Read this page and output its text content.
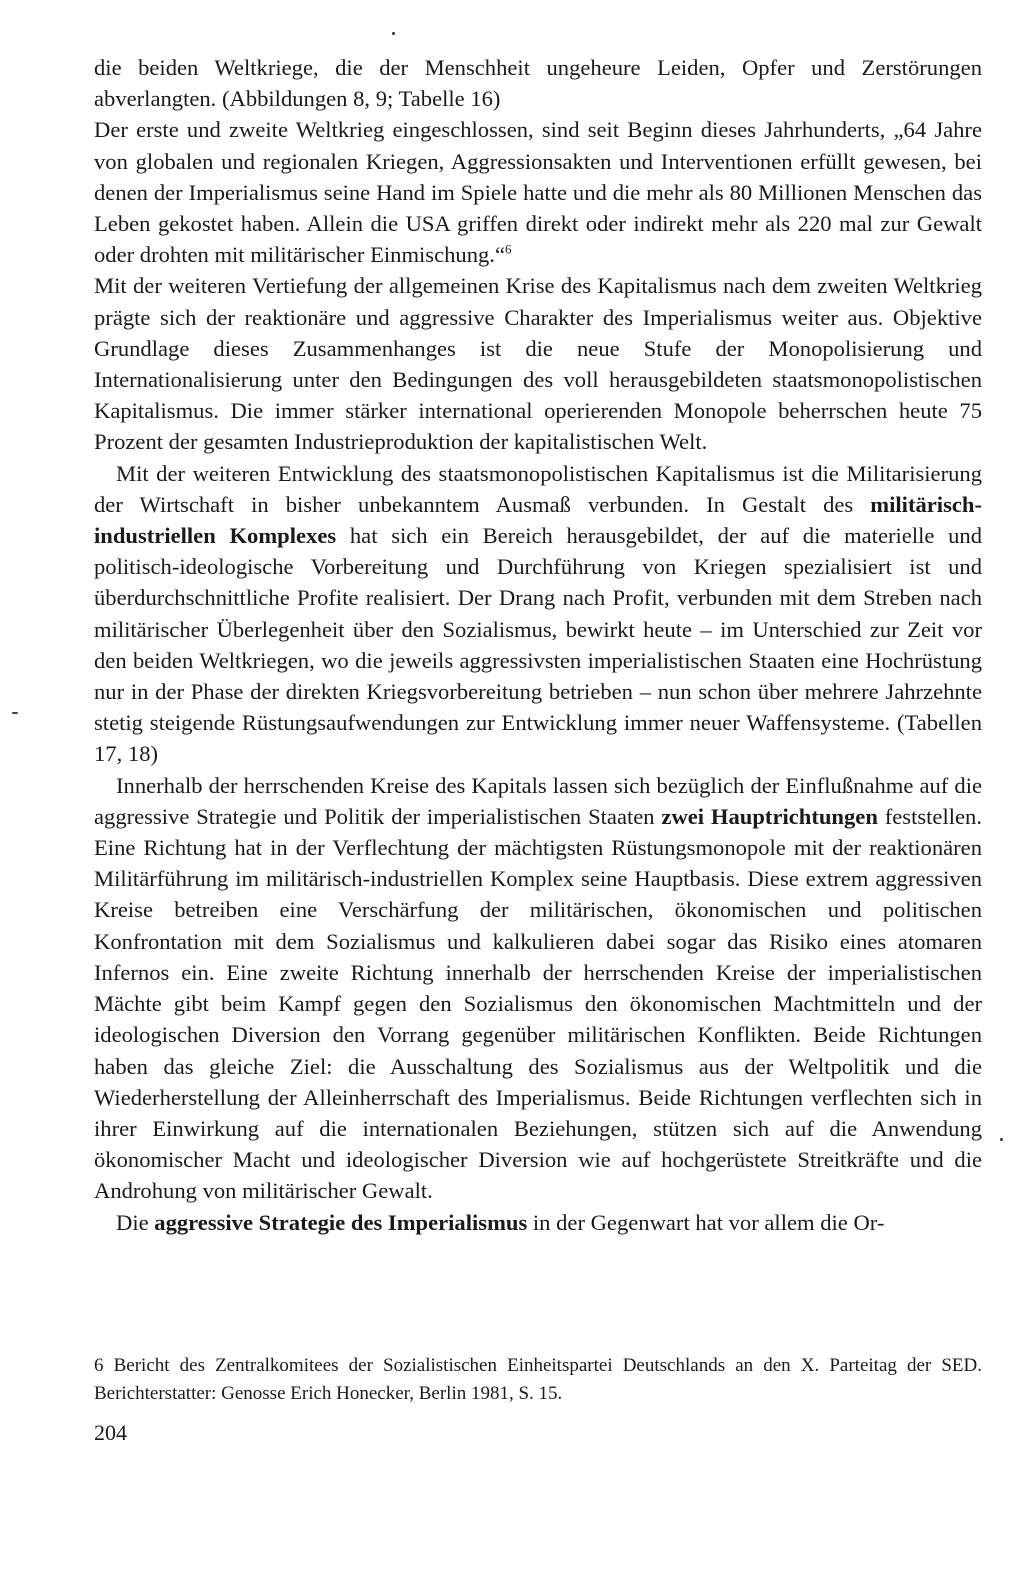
die beiden Weltkriege, die der Menschheit ungeheure Leiden, Opfer und Zerstörungen abverlangten. (Abbildungen 8, 9; Tabelle 16)

Der erste und zweite Weltkrieg eingeschlossen, sind seit Beginn dieses Jahrhunderts, „64 Jahre von globalen und regionalen Kriegen, Aggressionsakten und Interventionen erfüllt gewesen, bei denen der Imperialismus seine Hand im Spiele hatte und die mehr als 80 Millionen Menschen das Leben gekostet haben. Allein die USA griffen direkt oder indirekt mehr als 220 mal zur Gewalt oder drohten mit militärischer Einmischung.“$^6$

Mit der weiteren Vertiefung der allgemeinen Krise des Kapitalismus nach dem zweiten Weltkrieg prägte sich der reaktionäre und aggressive Charakter des Imperialismus weiter aus. Objektive Grundlage dieses Zusammenhanges ist die neue Stufe der Monopolisierung und Internationalisierung unter den Bedingungen des voll herausgebildeten staatsmonopolistischen Kapitalismus. Die immer stärker international operierenden Monopole beherrschen heute 75 Prozent der gesamten Industrieproduktion der kapitalistischen Welt.

Mit der weiteren Entwicklung des staatsmonopolistischen Kapitalismus ist die Militarisierung der Wirtschaft in bisher unbekanntem Ausmaß verbunden. In Gestalt des militärisch-industriellen Komplexes hat sich ein Bereich herausgebildet, der auf die materielle und politisch-ideologische Vorbereitung und Durchführung von Kriegen spezialisiert ist und überdurchschnittliche Profite realisiert. Der Drang nach Profit, verbunden mit dem Streben nach militärischer Überlegenheit über den Sozialismus, bewirkt heute – im Unterschied zur Zeit vor den beiden Weltkriegen, wo die jeweils aggressivsten imperialistischen Staaten eine Hochrüstung nur in der Phase der direkten Kriegsvorbereitung betrieben – nun schon über mehrere Jahrzehnte stetig steigende Rüstungsaufwendungen zur Entwicklung immer neuer Waffensysteme. (Tabellen 17, 18)

Innerhalb der herrschenden Kreise des Kapitals lassen sich bezüglich der Einflußnahme auf die aggressive Strategie und Politik der imperialistischen Staaten zwei Hauptrichtungen feststellen. Eine Richtung hat in der Verflechtung der mächtigsten Rüstungsmonopole mit der reaktionären Militärführung im militärisch-industriellen Komplex seine Hauptbasis. Diese extrem aggressiven Kreise betreiben eine Verschärfung der militärischen, ökonomischen und politischen Konfrontation mit dem Sozialismus und kalkulieren dabei sogar das Risiko eines atomaren Infernos ein. Eine zweite Richtung innerhalb der herrschenden Kreise der imperialistischen Mächte gibt beim Kampf gegen den Sozialismus den ökonomischen Machtmitteln und der ideologischen Diversion den Vorrang gegenüber militärischen Konflikten. Beide Richtungen haben das gleiche Ziel: die Ausschaltung des Sozialismus aus der Weltpolitik und die Wiederherstellung der Alleinherrschaft des Imperialismus. Beide Richtungen verflechten sich in ihrer Einwirkung auf die internationalen Beziehungen, stützen sich auf die Anwendung ökonomischer Macht und ideologischer Diversion wie auf hochgerüstete Streitkräfte und die Androhung von militärischer Gewalt.

Die aggressive Strategie des Imperialismus in der Gegenwart hat vor allem die Or-

6 Bericht des Zentralkomitees der Sozialistischen Einheitspartei Deutschlands an den X. Parteitag der SED. Berichterstatter: Genosse Erich Honecker, Berlin 1981, S. 15.

204
